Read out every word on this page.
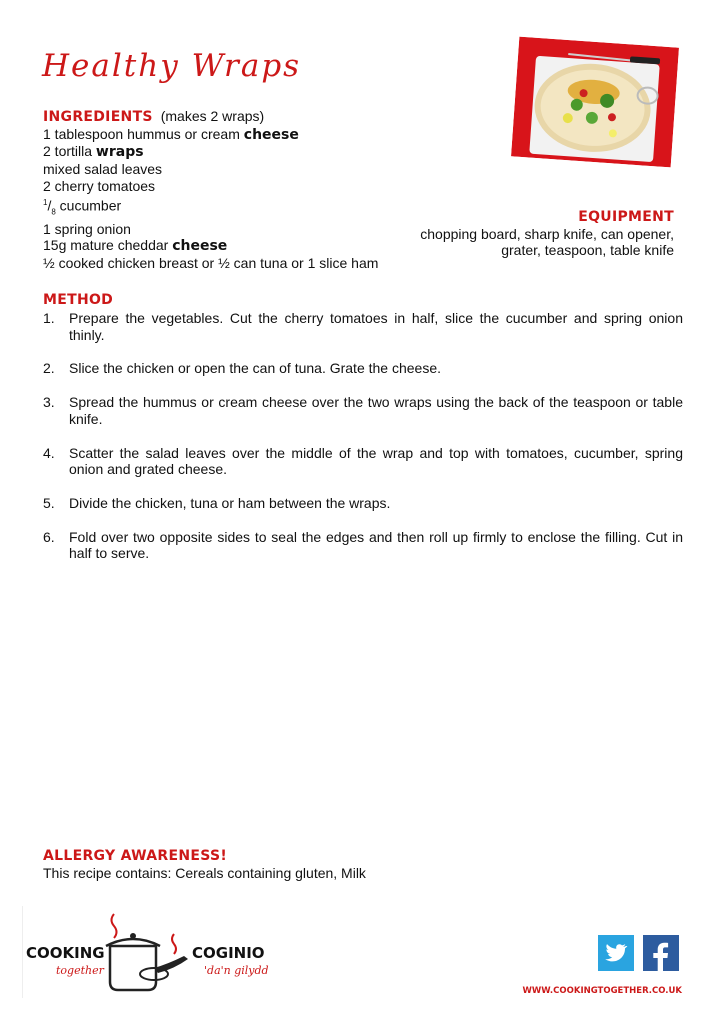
Healthy Wraps
INGREDIENTS (makes 2 wraps)
1 tablespoon hummus or cream cheese
2 tortilla wraps
mixed salad leaves
2 cherry tomatoes
$^1/_8$ cucumber
1 spring onion
15g mature cheddar cheese
½ cooked chicken breast or ½ can tuna or 1 slice ham
EQUIPMENT
chopping board, sharp knife, can opener, grater, teaspoon, table knife
METHOD
1. Prepare the vegetables. Cut the cherry tomatoes in half, slice the cucumber and spring onion thinly.
2. Slice the chicken or open the can of tuna. Grate the cheese.
3. Spread the hummus or cream cheese over the two wraps using the back of the teaspoon or table knife.
4. Scatter the salad leaves over the middle of the wrap and top with tomatoes, cucumber, spring onion and grated cheese.
5. Divide the chicken, tuna or ham between the wraps.
6. Fold over two opposite sides to seal the edges and then roll up firmly to enclose the filling. Cut in half to serve.
ALLERGY AWARENESS!
This recipe contains: Cereals containing gluten, Milk
COOKING
together
COGINIO
'da'n gilydd
WWW.COOKINGTOGETHER.CO.UK
